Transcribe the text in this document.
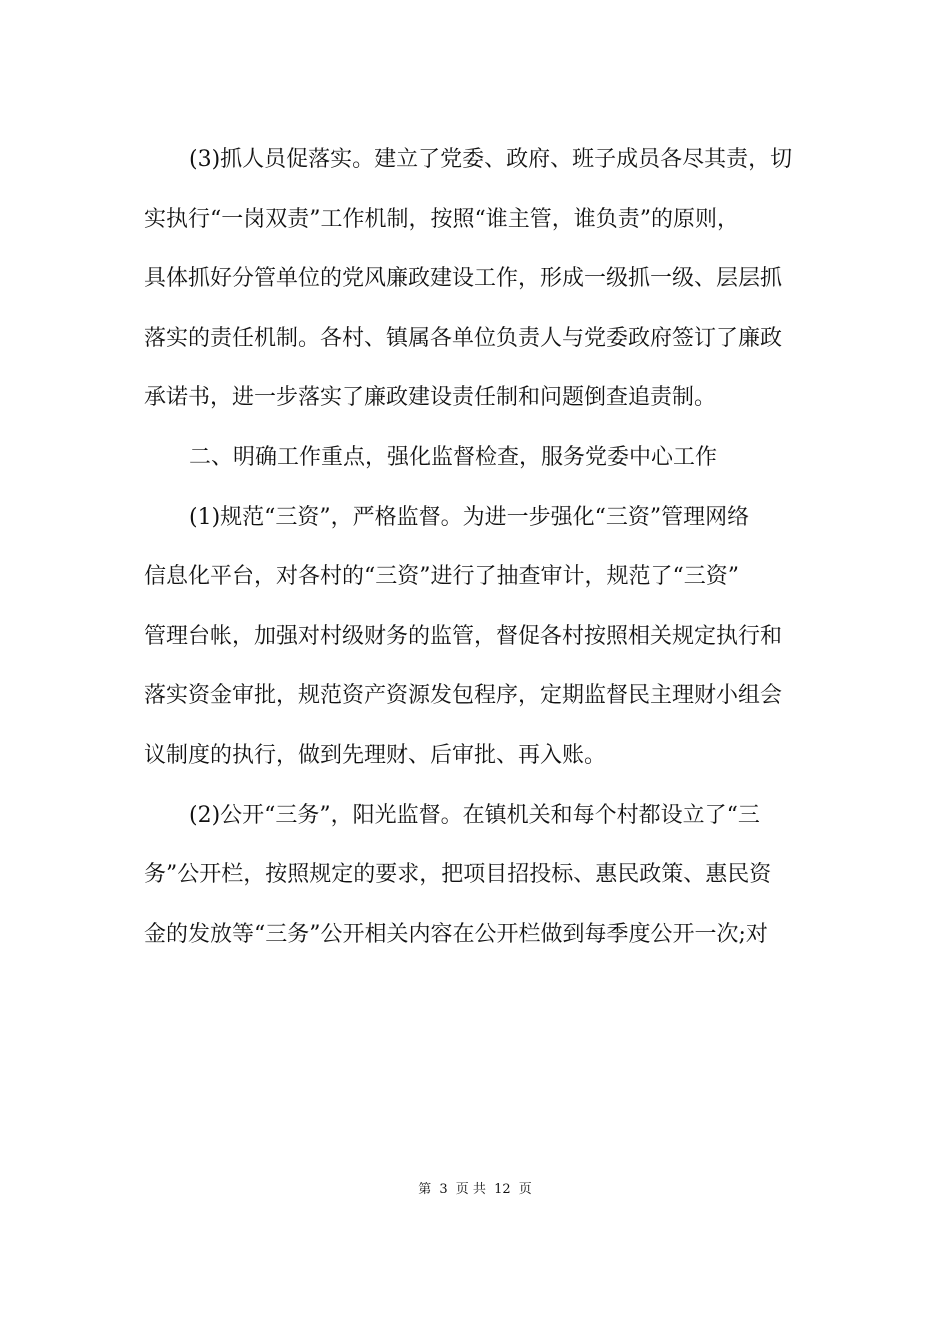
(3)抓人员促落实。建立了党委、政府、班子成员各尽其责，切
实执行“一岗双责”工作机制，按照“谁主管，谁负责”的原则，
具体抓好分管单位的党风廉政建设工作，形成一级抓一级、层层抓
落实的责任机制。各村、镇属各单位负责人与党委政府签订了廉政
承诺书，进一步落实了廉政建设责任制和问题倒查追责制。
二、明确工作重点，强化监督检查，服务党委中心工作
(1)规范“三资”，严格监督。为进一步强化“三资”管理网络
信息化平台，对各村的“三资”进行了抽查审计，规范了“三资”
管理台帐，加强对村级财务的监管，督促各村按照相关规定执行和
落实资金审批，规范资产资源发包程序，定期监督民主理财小组会
议制度的执行，做到先理财、后审批、再入账。
(2)公开“三务”，阳光监督。在镇机关和每个村都设立了“三
务”公开栏，按照规定的要求，把项目招投标、惠民政策、惠民资
金的发放等“三务”公开相关内容在公开栏做到每季度公开一次;对
第 3 页 共 12 页
